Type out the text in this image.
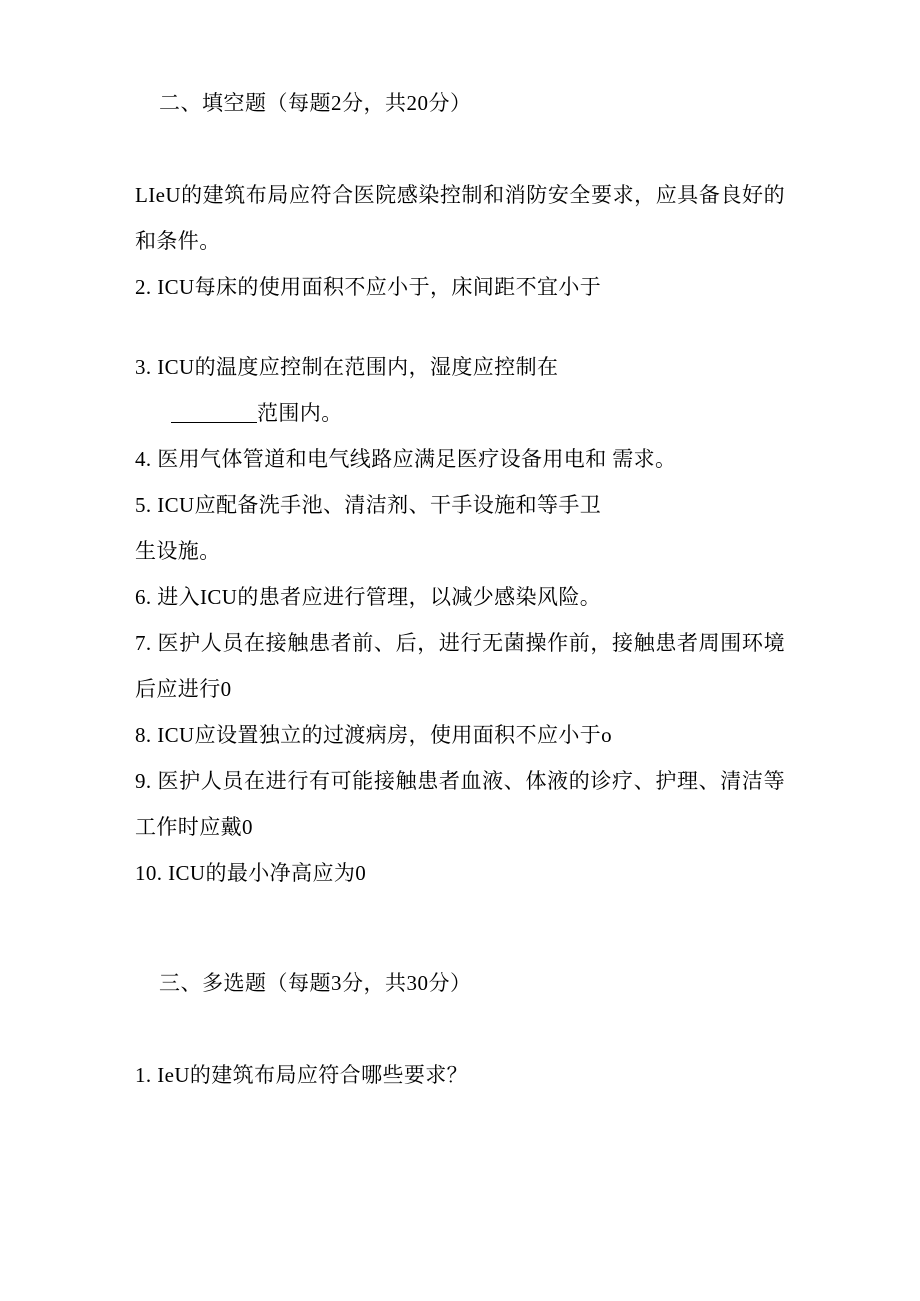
二、填空题（每题2分，共20分）
LIeU的建筑布局应符合医院感染控制和消防安全要求，应具备良好的和条件。
2. ICU每床的使用面积不应小于，床间距不宜小于
3. ICU的温度应控制在范围内，湿度应控制在
范围内。
4. 医用气体管道和电气线路应满足医疗设备用电和 需求。
5. ICU应配备洗手池、清洁剂、干手设施和等手卫
生设施。
6. 进入ICU的患者应进行管理，以减少感染风险。
7. 医护人员在接触患者前、后，进行无菌操作前，接触患者周围环境后应进行0
8. ICU应设置独立的过渡病房，使用面积不应小于o
9. 医护人员在进行有可能接触患者血液、体液的诊疗、护理、清洁等工作时应戴0
10. ICU的最小净高应为0
三、多选题（每题3分，共30分）
1. IeU的建筑布局应符合哪些要求？
